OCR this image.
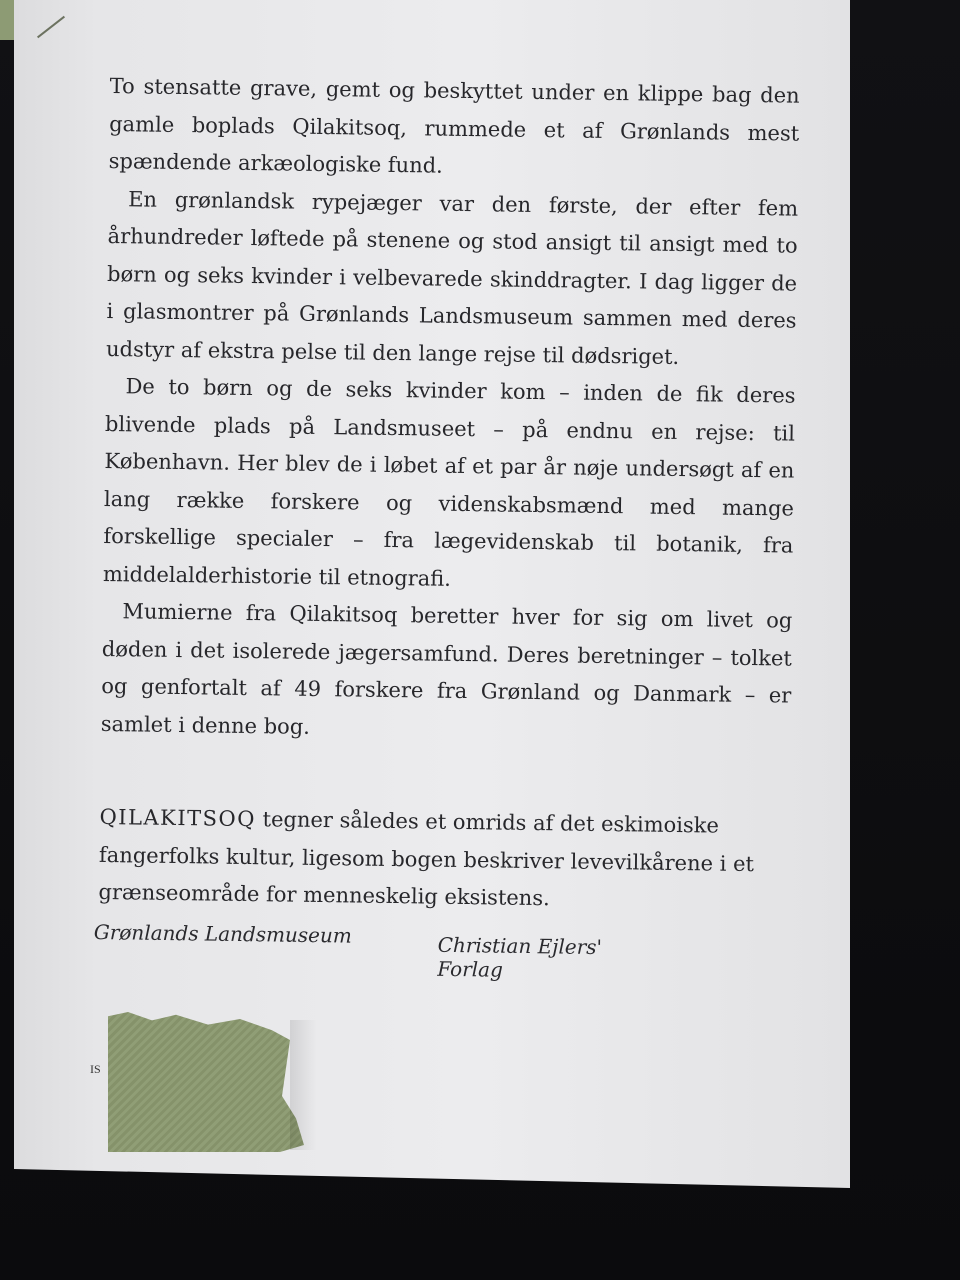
To stensatte grave, gemt og beskyttet under en klippe bag den gamle boplads Qilakitsoq, rummede et af Grønlands mest spændende arkæologiske fund.

En grønlandsk rypejæger var den første, der efter fem århundreder løftede på stenene og stod ansigt til ansigt med to børn og seks kvinder i velbevarede skinddragter. I dag ligger de i glasmontrer på Grønlands Landsmuseum sammen med deres udstyr af ekstra pelse til den lange rejse til dødsriget.

De to børn og de seks kvinder kom – inden de fik deres blivende plads på Landsmuseet – på endnu en rejse: til København. Her blev de i løbet af et par år nøje undersøgt af en lang række forskere og videnskabsmænd med mange forskellige specialer – fra lægevidenskab til botanik, fra middelalderhistorie til etnografi.

Mumierne fra Qilakitsoq beretter hver for sig om livet og døden i det isolerede jægersamfund. Deres beretninger – tolket og genfortalt af 49 forskere fra Grønland og Danmark – er samlet i denne bog.

QILAKITSOQ tegner således et omrids af det eskimoiske fangerfolks kultur, ligesom bogen beskriver levevilkårene i et grænseområde for menneskelig eksistens.

Grønlands Landsmuseum	Christian Ejlers' Forlag
IS
